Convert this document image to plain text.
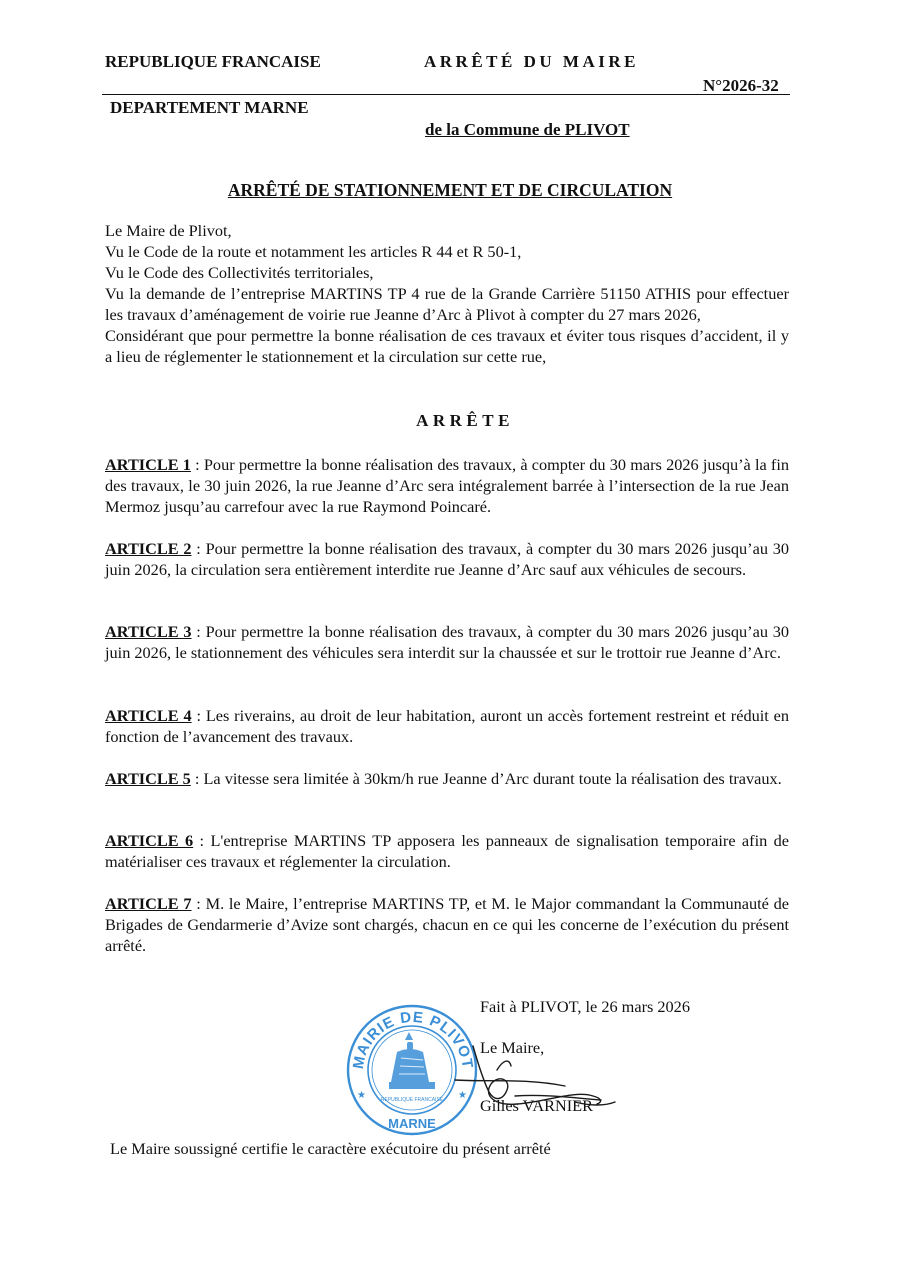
REPUBLIQUE FRANCAISE	ARRÊTÉ DU MAIRE
N°2026-32
DEPARTEMENT MARNE
de la Commune de PLIVOT
ARRÊTÉ DE STATIONNEMENT ET DE CIRCULATION

Le Maire de Plivot,

Vu le Code de la route et notamment les articles R 44 et R 50-1,

Vu le Code des Collectivités territoriales,

Vu la demande de l’entreprise MARTINS TP 4 rue de la Grande Carrière 51150 ATHIS pour effectuer les travaux d’aménagement de voirie rue Jeanne d’Arc à Plivot à compter du 27 mars 2026,

Considérant que pour permettre la bonne réalisation de ces travaux et éviter tous risques d’accident, il y a lieu de réglementer le stationnement et la circulation sur cette rue,

ARRÊTE

ARTICLE 1 : Pour permettre la bonne réalisation des travaux, à compter du 30 mars 2026 jusqu’à la fin des travaux, le 30 juin 2026, la rue Jeanne d’Arc sera intégralement barrée à l’intersection de la rue Jean Mermoz jusqu’au carrefour avec la rue Raymond Poincaré.

ARTICLE 2 : Pour permettre la bonne réalisation des travaux, à compter du 30 mars 2026 jusqu’au 30 juin 2026, la circulation sera entièrement interdite rue Jeanne d’Arc sauf aux véhicules de secours.

ARTICLE 3 : Pour permettre la bonne réalisation des travaux, à compter du 30 mars 2026 jusqu’au 30 juin 2026, le stationnement des véhicules sera interdit sur la chaussée et sur le trottoir rue Jeanne d’Arc.

ARTICLE 4 : Les riverains, au droit de leur habitation, auront un accès fortement restreint et réduit en fonction de l’avancement des travaux.

ARTICLE 5 : La vitesse sera limitée à 30km/h rue Jeanne d’Arc durant toute la réalisation des travaux.

ARTICLE 6 : L'entreprise MARTINS TP apposera les panneaux de signalisation temporaire afin de matérialiser ces travaux et réglementer la circulation.

ARTICLE 7 : M. le Maire, l’entreprise MARTINS TP, et M. le Major commandant la Communauté de Brigades de Gendarmerie d’Avize sont chargés, chacun en ce qui les concerne de l’exécution du présent arrêté.

Fait à PLIVOT, le 26 mars 2026
Le Maire,
Gilles VARNIER
MAIRIE DE PLIVOT
MARNE
REPUBLIQUE FRANCAISE
★	★
Le Maire soussigné certifie le caractère exécutoire du présent arrêté
